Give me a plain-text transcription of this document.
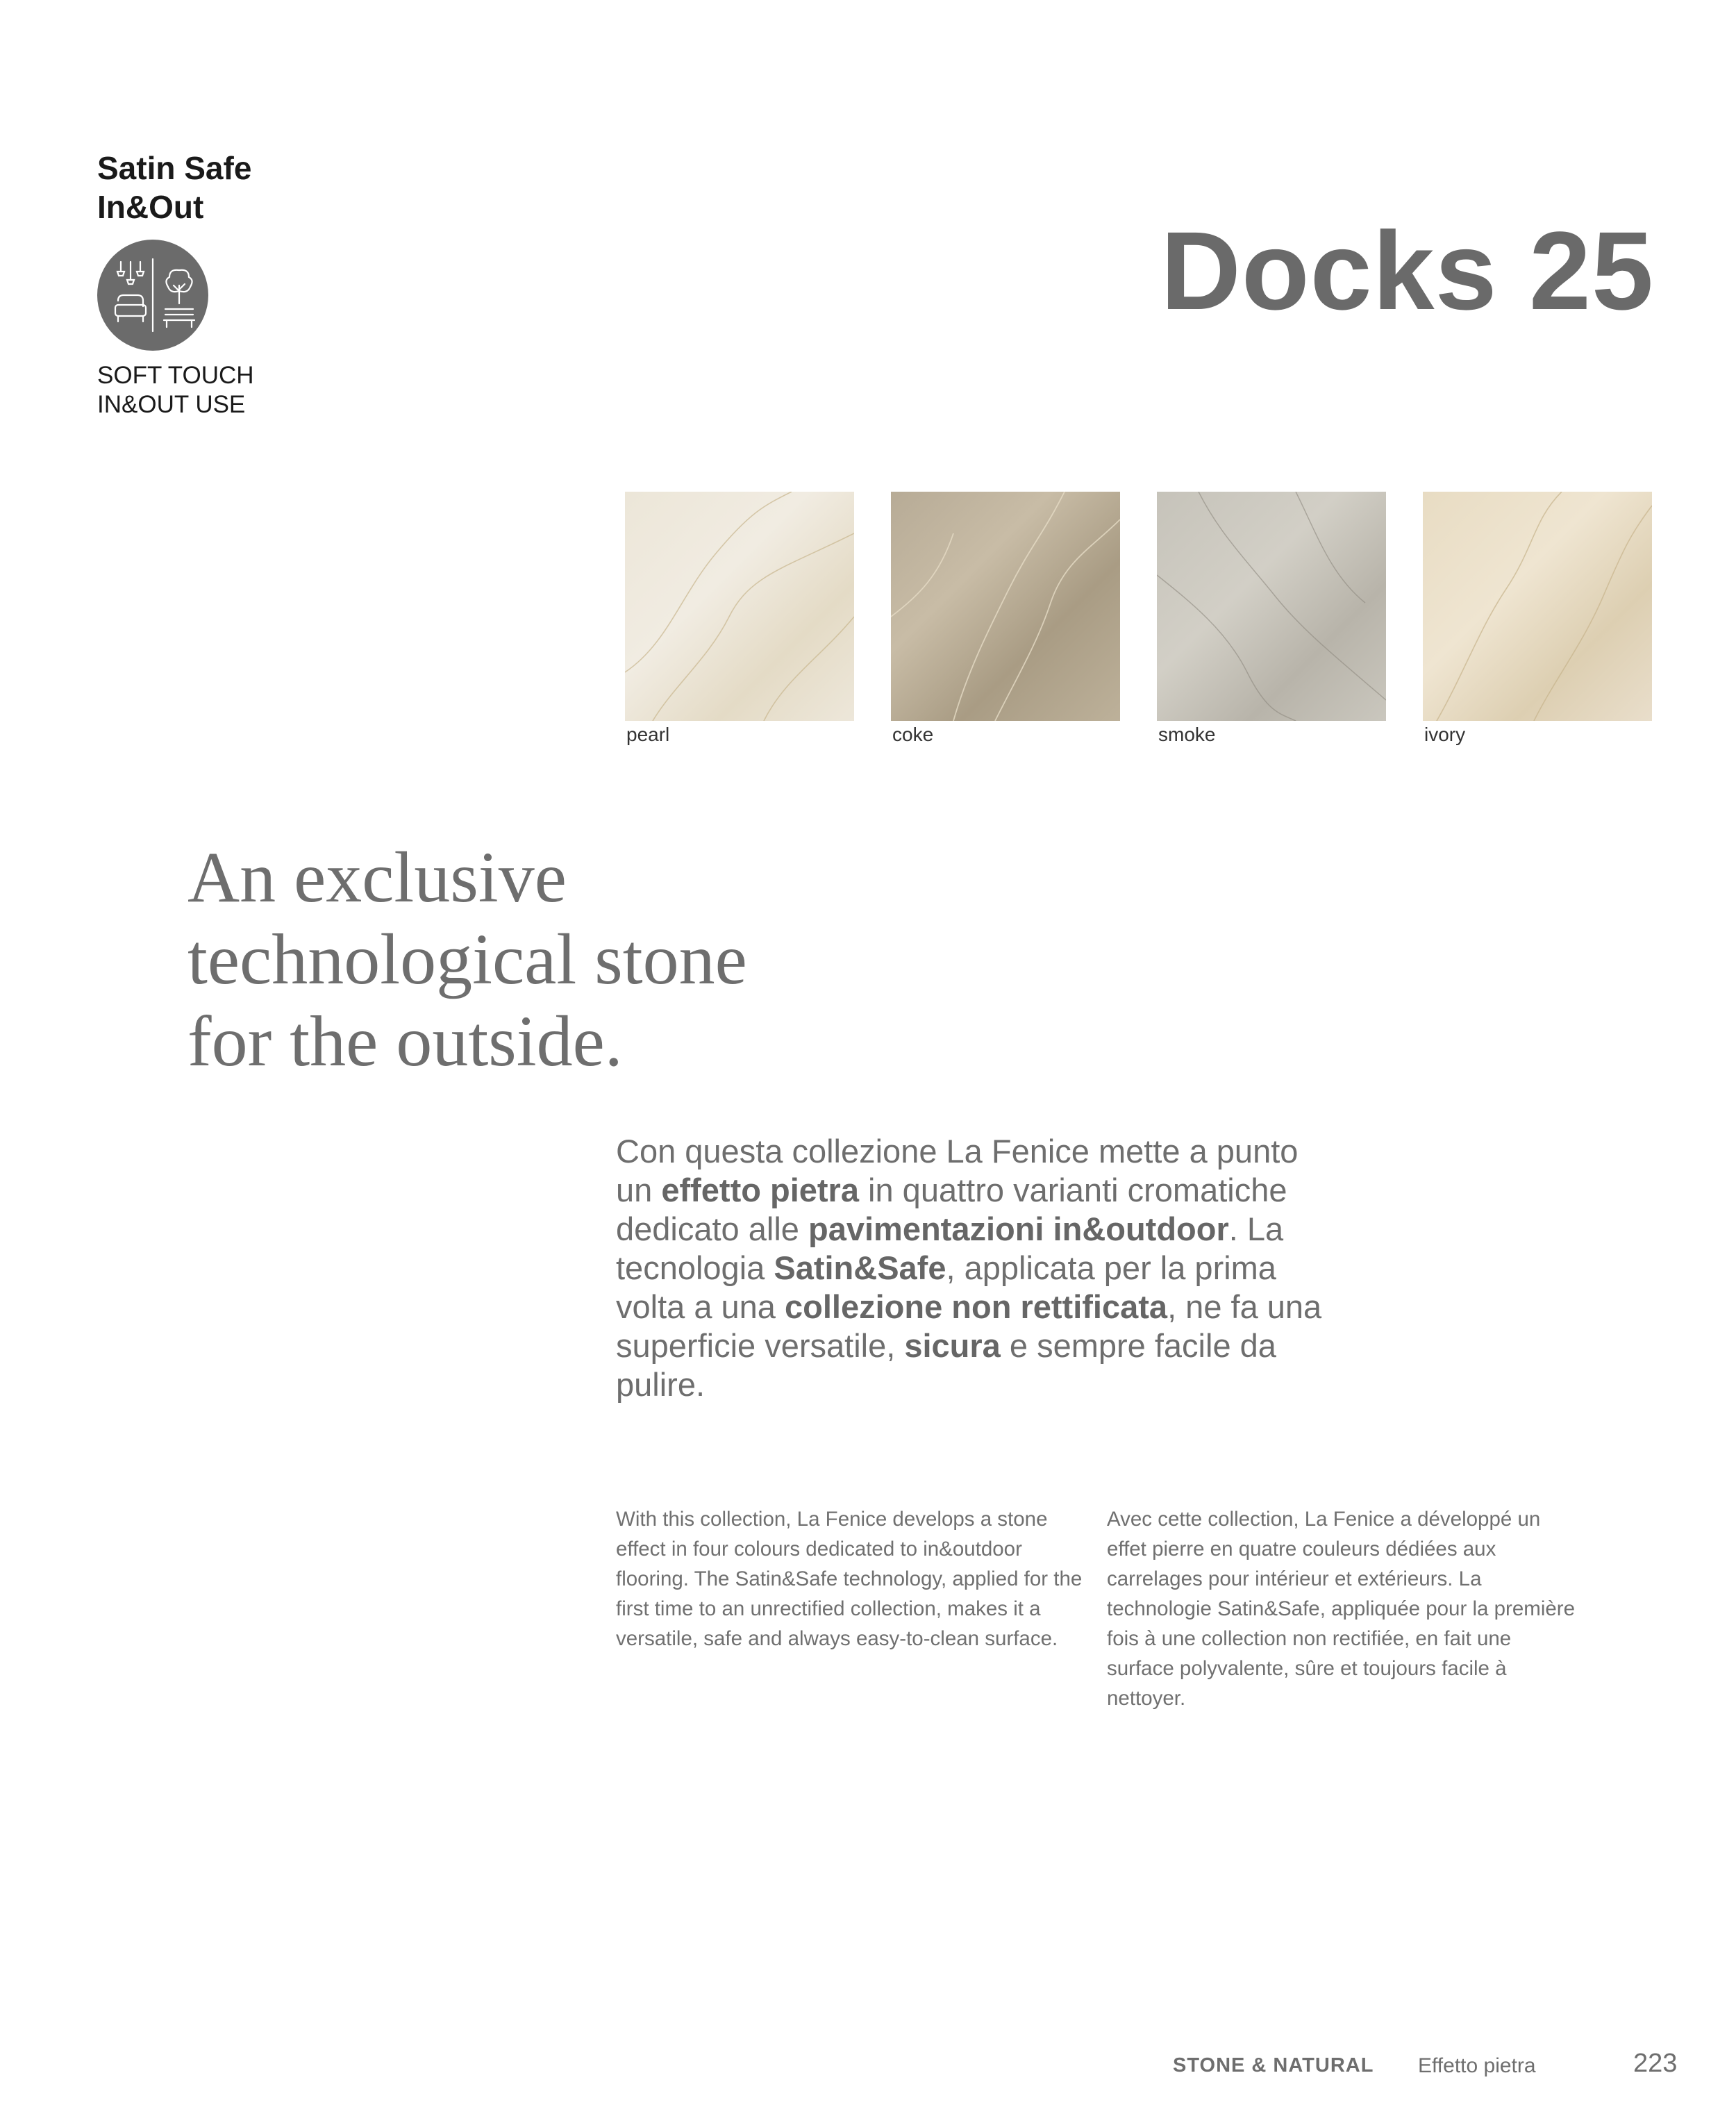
Satin Safe
In&Out
SOFT TOUCH
IN&OUT USE
Docks 25
pearl	coke	smoke	ivory
An exclusive
technological stone
for the outside.
Con questa collezione La Fenice mette a punto un effetto pietra in quattro varianti cromatiche dedicato alle pavimentazioni in&outdoor. La tecnologia Satin&Safe, applicata per la prima volta a una collezione non rettificata, ne fa una superficie versatile, sicura e sempre facile da pulire.
With this collection, La Fenice develops a stone effect in four colours dedicated to in&outdoor flooring. The Satin&Safe technology, applied for the first time to an unrectified collection, makes it a versatile, safe and always easy-to-clean surface.
Avec cette collection, La Fenice a développé un effet pierre en quatre couleurs dédiées aux carrelages pour intérieur et extérieurs. La technologie Satin&Safe, appliquée pour la première fois à une collection non rectifiée, en fait une surface polyvalente, sûre et toujours facile à nettoyer.
STONE & NATURAL Effetto pietra	223
